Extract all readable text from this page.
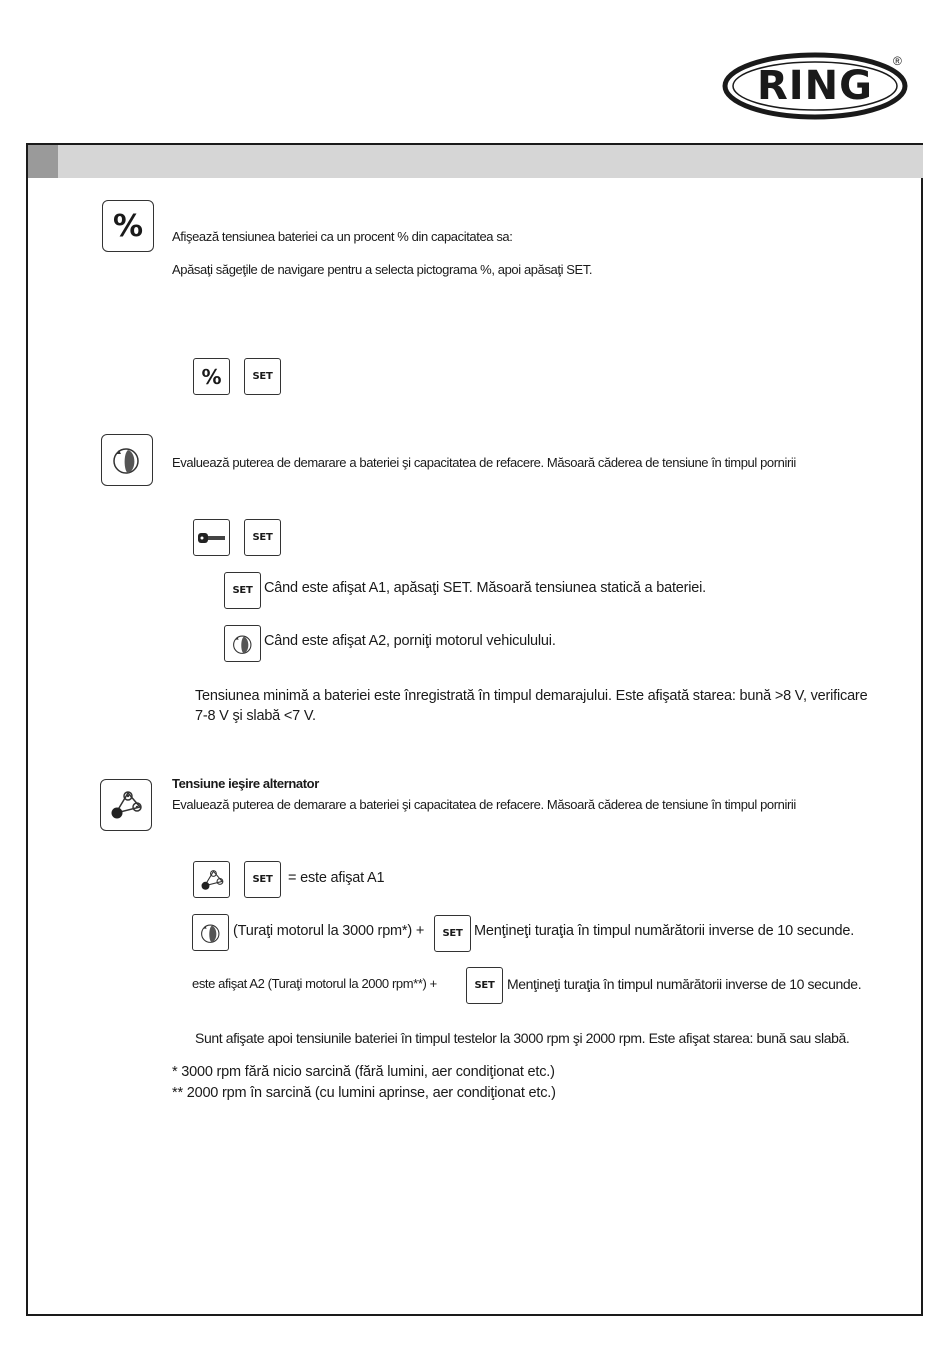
RING
®
% Afişează tensiunea bateriei ca un procent % din capacitatea sa:
Apăsaţi săgeţile de navigare pentru a selecta pictograma %, apoi apăsaţi SET.
%	SET
Evaluează puterea de demarare a bateriei şi capacitatea de refacere. Măsoară căderea de tensiune în timpul pornirii
SET
SET Când este afişat A1, apăsaţi SET. Măsoară tensiunea statică a bateriei.
Când este afişat A2, porniţi motorul vehiculului.
Tensiunea minimă a bateriei este înregistrată în timpul demarajului. Este afişată starea: bună >8 V, verificare
7-8 V şi slabă <7 V.
Tensiune ieşire alternator
Evaluează puterea de demarare a bateriei şi capacitatea de refacere. Măsoară căderea de tensiune în timpul pornirii
SET = este afişat A1
(Turaţi motorul la 3000 rpm*) + SET Menţineţi turaţia în timpul numărătorii inverse de 10 secunde.
este afişat A2 (Turaţi motorul la 2000 rpm**) +	SET Menţineţi turaţia în timpul numărătorii inverse de 10 secunde.
Sunt afişate apoi tensiunile bateriei în timpul testelor la 3000 rpm şi 2000 rpm. Este afişat starea: bună sau slabă.
* 3000 rpm fără nicio sarcină (fără lumini, aer condiţionat etc.)
** 2000 rpm în sarcină (cu lumini aprinse, aer condiţionat etc.)
